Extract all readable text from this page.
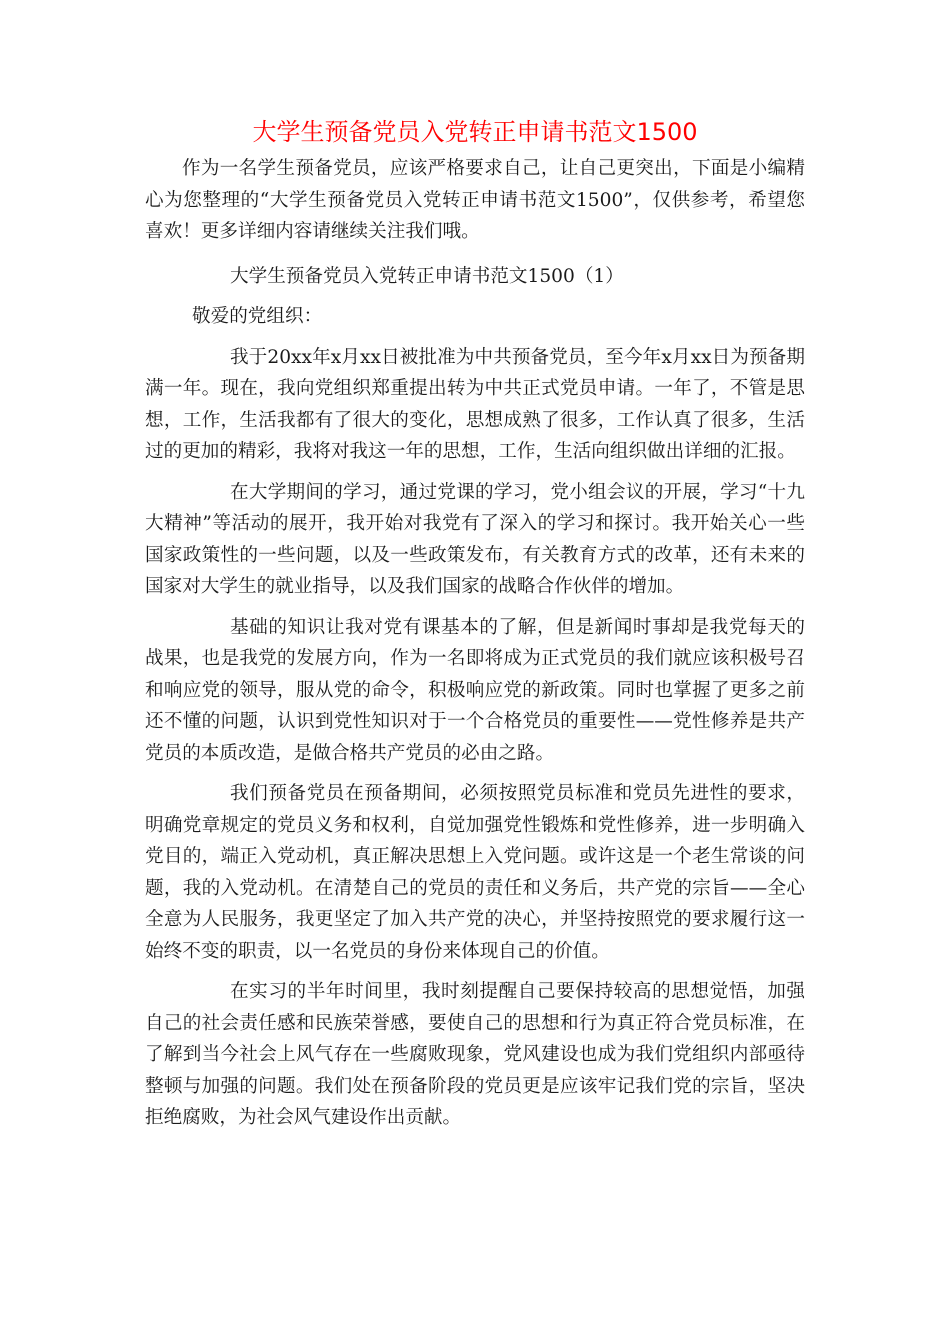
大学生预备党员入党转正申请书范文1500

作为一名学生预备党员，应该严格要求自己，让自己更突出，下面是小编精心为您整理的“大学生预备党员入党转正申请书范文1500”，仅供参考，希望您喜欢！更多详细内容请继续关注我们哦。

大学生预备党员入党转正申请书范文1500（1）

敬爱的党组织：

我于20xx年x月xx日被批准为中共预备党员，至今年x月xx日为预备期满一年。现在，我向党组织郑重提出转为中共正式党员申请。一年了，不管是思想，工作，生活我都有了很大的变化，思想成熟了很多，工作认真了很多，生活过的更加的精彩，我将对我这一年的思想，工作，生活向组织做出详细的汇报。

在大学期间的学习，通过党课的学习，党小组会议的开展，学习“十九大精神”等活动的展开，我开始对我党有了深入的学习和探讨。我开始关心一些国家政策性的一些问题，以及一些政策发布，有关教育方式的改革，还有未来的国家对大学生的就业指导，以及我们国家的战略合作伙伴的增加。

基础的知识让我对党有课基本的了解，但是新闻时事却是我党每天的战果，也是我党的发展方向，作为一名即将成为正式党员的我们就应该积极号召和响应党的领导，服从党的命令，积极响应党的新政策。同时也掌握了更多之前还不懂的问题，认识到党性知识对于一个合格党员的重要性——党性修养是共产党员的本质改造，是做合格共产党员的必由之路。

我们预备党员在预备期间，必须按照党员标准和党员先进性的要求，明确党章规定的党员义务和权利，自觉加强党性锻炼和党性修养，进一步明确入党目的，端正入党动机，真正解决思想上入党问题。或许这是一个老生常谈的问题，我的入党动机。在清楚自己的党员的责任和义务后，共产党的宗旨——全心全意为人民服务，我更坚定了加入共产党的决心，并坚持按照党的要求履行这一始终不变的职责，以一名党员的身份来体现自己的价值。

在实习的半年时间里，我时刻提醒自己要保持较高的思想觉悟，加强自己的社会责任感和民族荣誉感，要使自己的思想和行为真正符合党员标准，在了解到当今社会上风气存在一些腐败现象，党风建设也成为我们党组织内部亟待整顿与加强的问题。我们处在预备阶段的党员更是应该牢记我们党的宗旨，坚决拒绝腐败，为社会风气建设作出贡献。
